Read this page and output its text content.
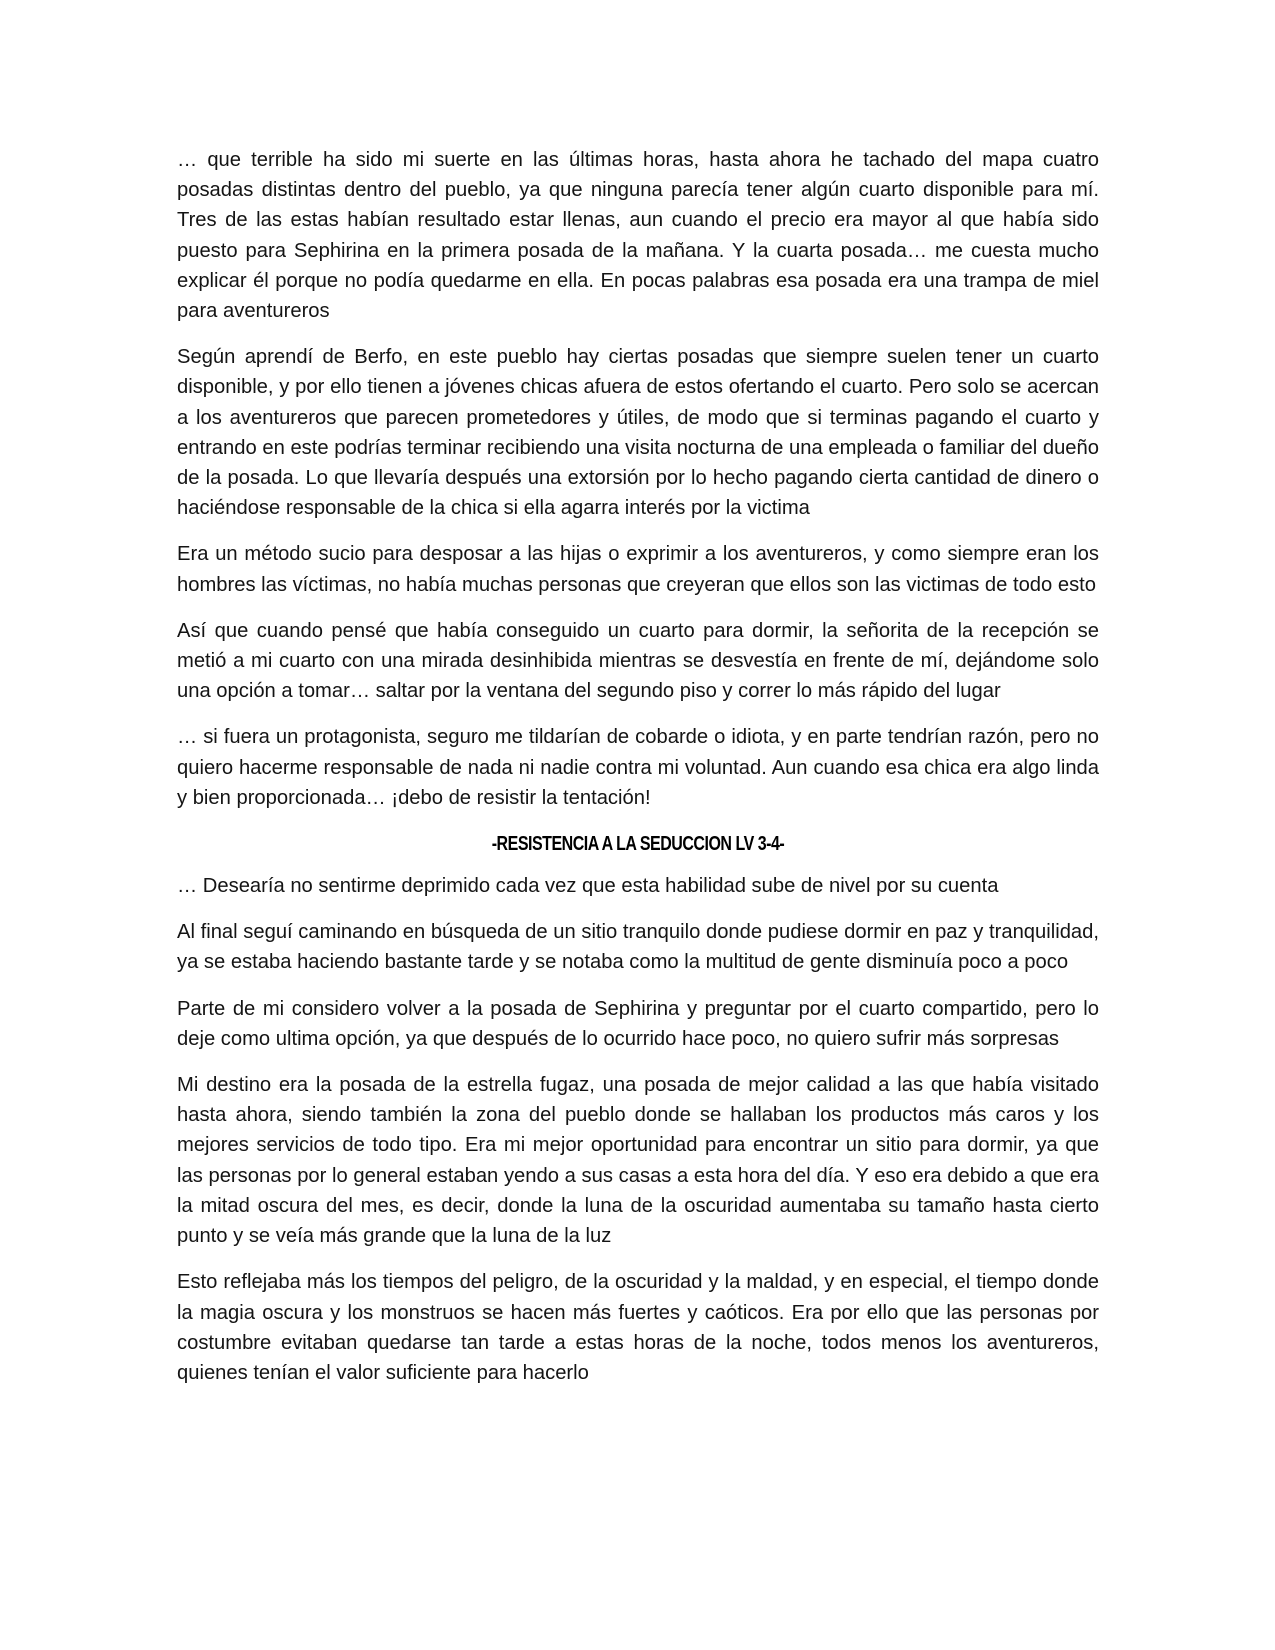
… que terrible ha sido mi suerte en las últimas horas, hasta ahora he tachado del mapa cuatro posadas distintas dentro del pueblo, ya que ninguna parecía tener algún cuarto disponible para mí. Tres de las estas habían resultado estar llenas, aun cuando el precio era mayor al que había sido puesto para Sephirina en la primera posada de la mañana. Y la cuarta posada… me cuesta mucho explicar él porque no podía quedarme en ella. En pocas palabras esa posada era una trampa de miel para aventureros

Según aprendí de Berfo, en este pueblo hay ciertas posadas que siempre suelen tener un cuarto disponible, y por ello tienen a jóvenes chicas afuera de estos ofertando el cuarto. Pero solo se acercan a los aventureros que parecen prometedores y útiles, de modo que si terminas pagando el cuarto y entrando en este podrías terminar recibiendo una visita nocturna de una empleada o familiar del dueño de la posada. Lo que llevaría después una extorsión por lo hecho pagando cierta cantidad de dinero o haciéndose responsable de la chica si ella agarra interés por la victima

Era un método sucio para desposar a las hijas o exprimir a los aventureros, y como siempre eran los hombres las víctimas, no había muchas personas que creyeran que ellos son las victimas de todo esto

Así que cuando pensé que había conseguido un cuarto para dormir, la señorita de la recepción se metió a mi cuarto con una mirada desinhibida mientras se desvestía en frente de mí, dejándome solo una opción a tomar… saltar por la ventana del segundo piso y correr lo más rápido del lugar

… si fuera un protagonista, seguro me tildarían de cobarde o idiota, y en parte tendrían razón, pero no quiero hacerme responsable de nada ni nadie contra mi voluntad. Aun cuando esa chica era algo linda y bien proporcionada… ¡debo de resistir la tentación!

-RESISTENCIA A LA SEDUCCION LV 3-4-

… Desearía no sentirme deprimido cada vez que esta habilidad sube de nivel por su cuenta

Al final seguí caminando en búsqueda de un sitio tranquilo donde pudiese dormir en paz y tranquilidad, ya se estaba haciendo bastante tarde y se notaba como la multitud de gente disminuía poco a poco

Parte de mi considero volver a la posada de Sephirina y preguntar por el cuarto compartido, pero lo deje como ultima opción, ya que después de lo ocurrido hace poco, no quiero sufrir más sorpresas

Mi destino era la posada de la estrella fugaz, una posada de mejor calidad a las que había visitado hasta ahora, siendo también la zona del pueblo donde se hallaban los productos más caros y los mejores servicios de todo tipo. Era mi mejor oportunidad para encontrar un sitio para dormir, ya que las personas por lo general estaban yendo a sus casas a esta hora del día. Y eso era debido a que era la mitad oscura del mes, es decir, donde la luna de la oscuridad aumentaba su tamaño hasta cierto punto y se veía más grande que la luna de la luz

Esto reflejaba más los tiempos del peligro, de la oscuridad y la maldad, y en especial, el tiempo donde la magia oscura y los monstruos se hacen más fuertes y caóticos. Era por ello que las personas por costumbre evitaban quedarse tan tarde a estas horas de la noche, todos menos los aventureros, quienes tenían el valor suficiente para hacerlo
